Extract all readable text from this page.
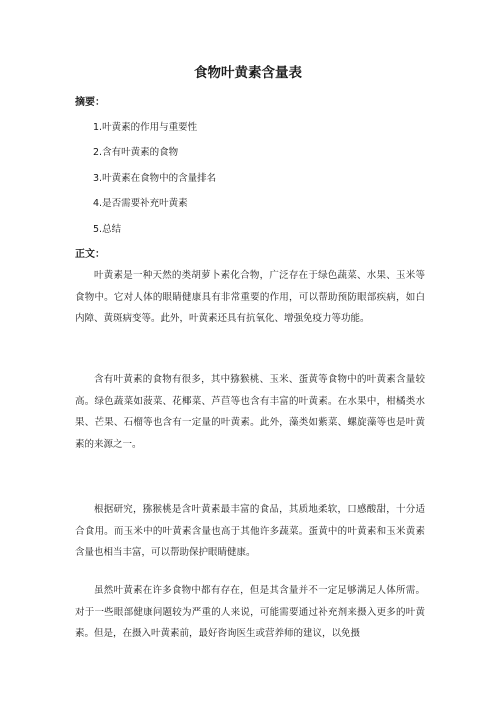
食物叶黄素含量表
摘要：
1.叶黄素的作用与重要性
2.含有叶黄素的食物
3.叶黄素在食物中的含量排名
4.是否需要补充叶黄素
5.总结
正文：

叶黄素是一种天然的类胡萝卜素化合物，广泛存在于绿色蔬菜、水果、玉米等食物中。它对人体的眼睛健康具有非常重要的作用，可以帮助预防眼部疾病，如白内障、黄斑病变等。此外，叶黄素还具有抗氧化、增强免疫力等功能。

含有叶黄素的食物有很多，其中猕猴桃、玉米、蛋黄等食物中的叶黄素含量较高。绿色蔬菜如菠菜、花椰菜、芦苣等也含有丰富的叶黄素。在水果中，柑橘类水果、芒果、石榴等也含有一定量的叶黄素。此外，藻类如紫菜、螺旋藻等也是叶黄素的来源之一。

根据研究，猕猴桃是含叶黄素最丰富的食品，其质地柔软，口感酸甜，十分适合食用。而玉米中的叶黄素含量也高于其他许多蔬菜。蛋黄中的叶黄素和玉米黄素含量也相当丰富，可以帮助保护眼睛健康。

虽然叶黄素在许多食物中都有存在，但是其含量并不一定足够满足人体所需。对于一些眼部健康问题较为严重的人来说，可能需要通过补充剂来摄入更多的叶黄素。但是，在摄入叶黄素前，最好咨询医生或营养师的建议，以免摄
